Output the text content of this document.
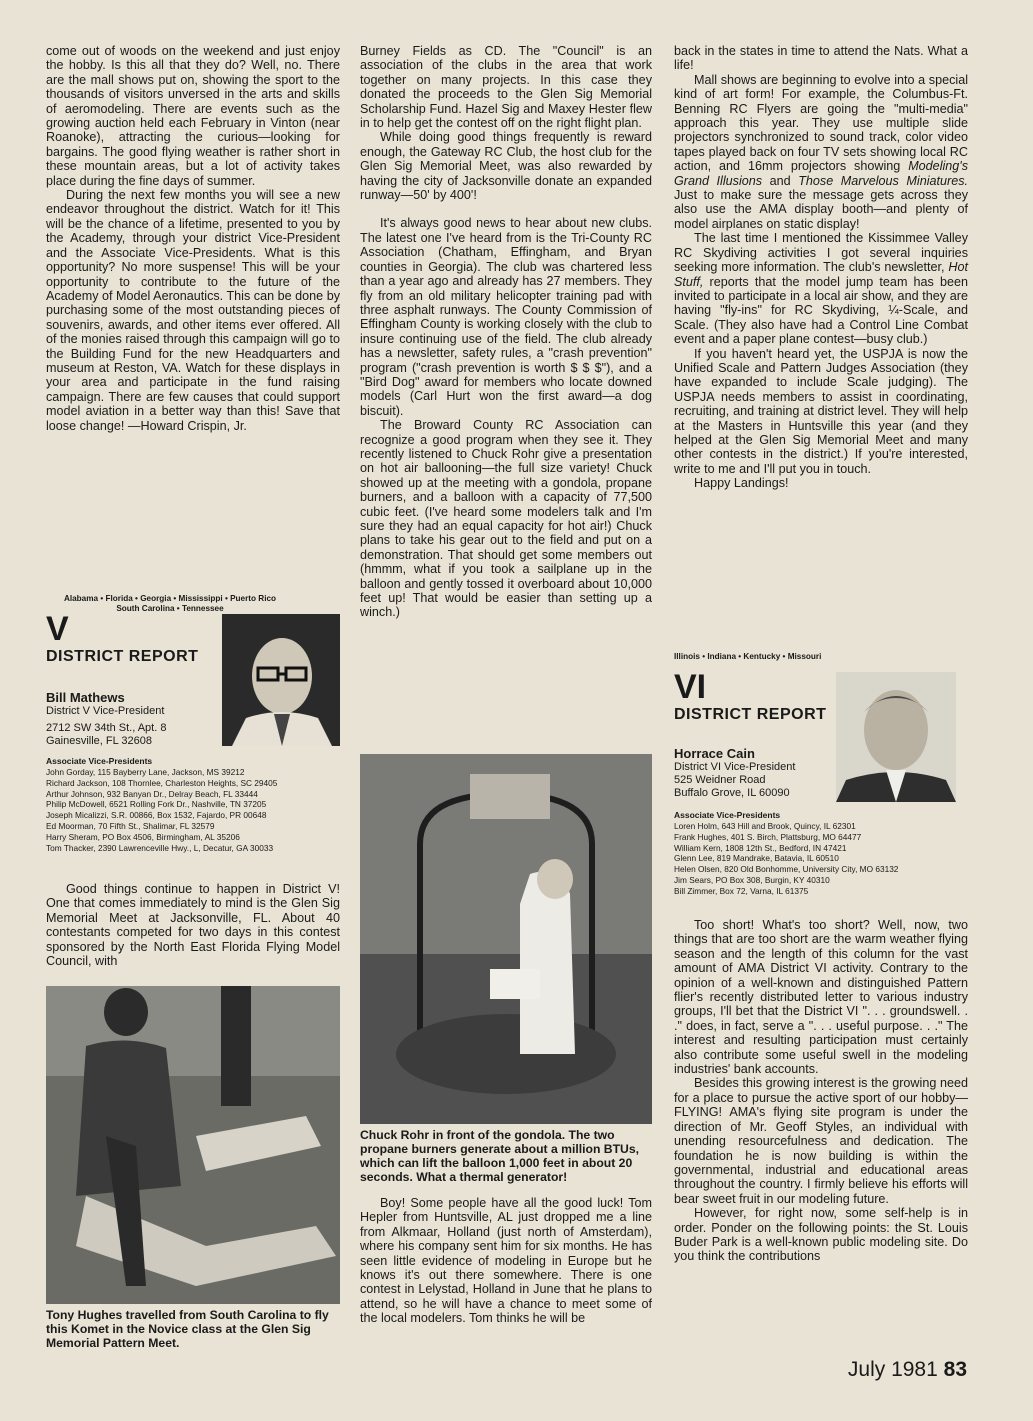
come out of woods on the weekend and just enjoy the hobby. Is this all that they do? Well, no. There are the mall shows put on, showing the sport to the thousands of visitors unversed in the arts and skills of aeromodeling. There are events such as the growing auction held each February in Vinton (near Roanoke), attracting the curious—looking for bargains. The good flying weather is rather short in these mountain areas, but a lot of activity takes place during the fine days of summer.

During the next few months you will see a new endeavor throughout the district. Watch for it! This will be the chance of a lifetime, presented to you by the Academy, through your district Vice-President and the Associate Vice-Presidents. What is this opportunity? No more suspense! This will be your opportunity to contribute to the future of the Academy of Model Aeronautics. This can be done by purchasing some of the most outstanding pieces of souvenirs, awards, and other items ever offered. All of the monies raised through this campaign will go to the Building Fund for the new Headquarters and museum at Reston, VA. Watch for these displays in your area and participate in the fund raising campaign. There are few causes that could support model aviation in a better way than this! Save that loose change! —Howard Crispin, Jr.

Alabama • Florida • Georgia • Mississippi • Puerto Rico
South Carolina • Tennessee
V
DISTRICT REPORT
Bill Mathews
District V Vice-President
2712 SW 34th St., Apt. 8
Gainesville, FL 32608
Associate Vice-Presidents
John Gorday, 115 Bayberry Lane, Jackson, MS 39212
Richard Jackson, 108 Thornlee, Charleston Heights, SC 29405
Arthur Johnson, 932 Banyan Dr., Delray Beach, FL 33444
Philip McDowell, 6521 Rolling Fork Dr., Nashville, TN 37205
Joseph Micalizzi, S.R. 00866, Box 1532, Fajardo, PR 00648
Ed Moorman, 70 Fifth St., Shalimar, FL 32579
Harry Sheram, PO Box 4506, Birmingham, AL 35206
Tom Thacker, 2390 Lawrenceville Hwy., L, Decatur, GA 30033

Good things continue to happen in District V! One that comes immediately to mind is the Glen Sig Memorial Meet at Jacksonville, FL. About 40 contestants competed for two days in this contest sponsored by the North East Florida Flying Model Council, with

Tony Hughes travelled from South Carolina to fly this Komet in the Novice class at the Glen Sig Memorial Pattern Meet.

Burney Fields as CD. The "Council" is an association of the clubs in the area that work together on many projects. In this case they donated the proceeds to the Glen Sig Memorial Scholarship Fund. Hazel Sig and Maxey Hester flew in to help get the contest off on the right flight plan.

While doing good things frequently is reward enough, the Gateway RC Club, the host club for the Glen Sig Memorial Meet, was also rewarded by having the city of Jacksonville donate an expanded runway—50' by 400'!

It's always good news to hear about new clubs. The latest one I've heard from is the Tri-County RC Association (Chatham, Effingham, and Bryan counties in Georgia). The club was chartered less than a year ago and already has 27 members. They fly from an old military helicopter training pad with three asphalt runways. The County Commission of Effingham County is working closely with the club to insure continuing use of the field. The club already has a newsletter, safety rules, a "crash prevention" program ("crash prevention is worth $ $ $"), and a "Bird Dog" award for members who locate downed models (Carl Hurt won the first award—a dog biscuit).

The Broward County RC Association can recognize a good program when they see it. They recently listened to Chuck Rohr give a presentation on hot air ballooning—the full size variety! Chuck showed up at the meeting with a gondola, propane burners, and a balloon with a capacity of 77,500 cubic feet. (I've heard some modelers talk and I'm sure they had an equal capacity for hot air!) Chuck plans to take his gear out to the field and put on a demonstration. That should get some members out (hmmm, what if you took a sailplane up in the balloon and gently tossed it overboard about 10,000 feet up! That would be easier than setting up a winch.)

Chuck Rohr in front of the gondola. The two propane burners generate about a million BTUs, which can lift the balloon 1,000 feet in about 20 seconds. What a thermal generator!

Boy! Some people have all the good luck! Tom Hepler from Huntsville, AL just dropped me a line from Alkmaar, Holland (just north of Amsterdam), where his company sent him for six months. He has seen little evidence of modeling in Europe but he knows it's out there somewhere. There is one contest in Lelystad, Holland in June that he plans to attend, so he will have a chance to meet some of the local modelers. Tom thinks he will be

back in the states in time to attend the Nats. What a life!

Mall shows are beginning to evolve into a special kind of art form! For example, the Columbus-Ft. Benning RC Flyers are going the "multi-media" approach this year. They use multiple slide projectors synchronized to sound track, color video tapes played back on four TV sets showing local RC action, and 16mm projectors showing Modeling's Grand Illusions and Those Marvelous Miniatures. Just to make sure the message gets across they also use the AMA display booth—and plenty of model airplanes on static display!

The last time I mentioned the Kissimmee Valley RC Skydiving activities I got several inquiries seeking more information. The club's newsletter, Hot Stuff, reports that the model jump team has been invited to participate in a local air show, and they are having "fly-ins" for RC Skydiving, ¼-Scale, and Scale. (They also have had a Control Line Combat event and a paper plane contest—busy club.)

If you haven't heard yet, the USPJA is now the Unified Scale and Pattern Judges Association (they have expanded to include Scale judging). The USPJA needs members to assist in coordinating, recruiting, and training at district level. They will help at the Masters in Huntsville this year (and they helped at the Glen Sig Memorial Meet and many other contests in the district.) If you're interested, write to me and I'll put you in touch.

Happy Landings!

Illinois • Indiana • Kentucky • Missouri
VI
DISTRICT REPORT
Horrace Cain
District VI Vice-President
525 Weidner Road
Buffalo Grove, IL 60090
Associate Vice-Presidents
Loren Holm, 643 Hill and Brook, Quincy, IL 62301
Frank Hughes, 401 S. Birch, Plattsburg, MO 64477
William Kern, 1808 12th St., Bedford, IN 47421
Glenn Lee, 819 Mandrake, Batavia, IL 60510
Helen Olsen, 820 Old Bonhomme, University City, MO 63132
Jim Sears, PO Box 308, Burgin, KY 40310
Bill Zimmer, Box 72, Varna, IL 61375

Too short! What's too short? Well, now, two things that are too short are the warm weather flying season and the length of this column for the vast amount of AMA District VI activity. Contrary to the opinion of a well-known and distinguished Pattern flier's recently distributed letter to various industry groups, I'll bet that the District VI ". . . groundswell. . ." does, in fact, serve a ". . . useful purpose. . ." The interest and resulting participation must certainly also contribute some useful swell in the modeling industries' bank accounts.

Besides this growing interest is the growing need for a place to pursue the active sport of our hobby—FLYING! AMA's flying site program is under the direction of Mr. Geoff Styles, an individual with unending resourcefulness and dedication. The foundation he is now building is within the governmental, industrial and educational areas throughout the country. I firmly believe his efforts will bear sweet fruit in our modeling future.

However, for right now, some self-help is in order. Ponder on the following points: the St. Louis Buder Park is a well-known public modeling site. Do you think the contributions

July 1981 83
